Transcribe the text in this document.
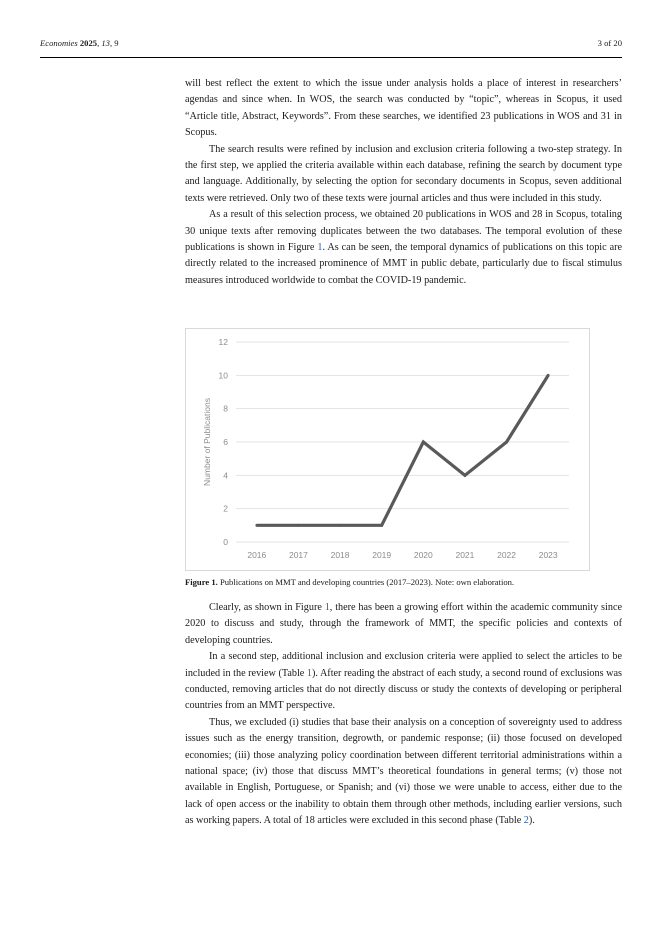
Economies 2025, 13, 9	3 of 20

will best reflect the extent to which the issue under analysis holds a place of interest in researchers’ agendas and since when. In WOS, the search was conducted by “topic”, whereas in Scopus, it used “Article title, Abstract, Keywords”. From these searches, we identified 23 publications in WOS and 31 in Scopus.

The search results were refined by inclusion and exclusion criteria following a two-step strategy. In the first step, we applied the criteria available within each database, refining the search by document type and language. Additionally, by selecting the option for secondary documents in Scopus, seven additional texts were retrieved. Only two of these texts were journal articles and thus were included in this study.

As a result of this selection process, we obtained 20 publications in WOS and 28 in Scopus, totaling 30 unique texts after removing duplicates between the two databases. The temporal evolution of these publications is shown in Figure 1. As can be seen, the temporal dynamics of publications on this topic are directly related to the increased prominence of MMT in public debate, particularly due to fiscal stimulus measures introduced worldwide to combat the COVID-19 pandemic.

0
2
4
6
8
10
12
2016	2017	2018	2019	2020	2021	2022	2023
Number of Publications
Figure 1. Publications on MMT and developing countries (2017–2023). Note: own elaboration.

Clearly, as shown in Figure 1, there has been a growing effort within the academic community since 2020 to discuss and study, through the framework of MMT, the specific policies and contexts of developing countries.

In a second step, additional inclusion and exclusion criteria were applied to select the articles to be included in the review (Table 1). After reading the abstract of each study, a second round of exclusions was conducted, removing articles that do not directly discuss or study the contexts of developing or peripheral countries from an MMT perspective.

Thus, we excluded (i) studies that base their analysis on a conception of sovereignty used to address issues such as the energy transition, degrowth, or pandemic response; (ii) those focused on developed economies; (iii) those analyzing policy coordination between different territorial administrations within a national space; (iv) those that discuss MMT’s theoretical foundations in general terms; (v) those not available in English, Portuguese, or Spanish; and (vi) those we were unable to access, either due to the lack of open access or the inability to obtain them through other methods, including earlier versions, such as working papers. A total of 18 articles were excluded in this second phase (Table 2).
